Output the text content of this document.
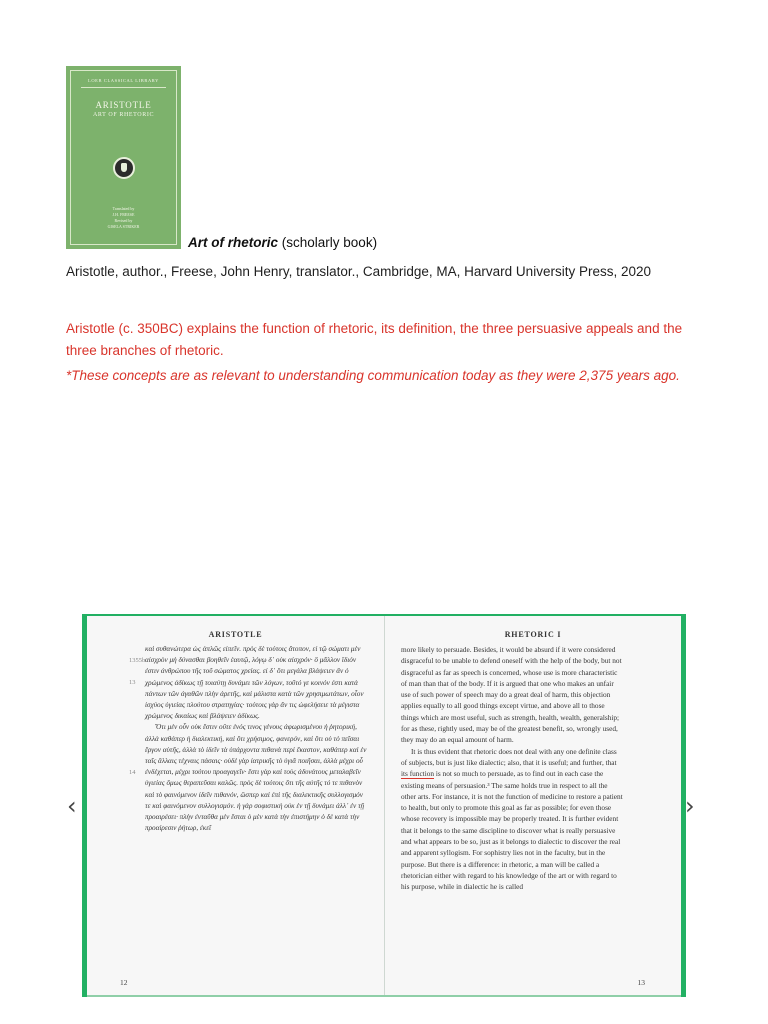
LOEB CLASSICAL LIBRARY
ARISTOTLE
ART OF RHETORIC
Translated by
J.H. FREESE
Revised by
GISELA STRIKER
Art of rhetoric (scholarly book)
Aristotle, author., Freese, John Henry, translator., Cambridge, MA, Harvard University Press, 2020
Aristotle (c. 350BC) explains the function of rhetoric, its definition, the three persuasive appeals and the three branches of rhetoric.
*These concepts are as relevant to understanding communication today as they were 2,375 years ago.
ARISTOTLE
1355b
13
14

καὶ συθανώτερα ὡς ἁπλῶς εἰπεῖν. πρὸς δὲ τούτοις ἄτοπον, εἰ τῷ σώματι μὲν αἰσχρὸν μὴ δύνασθαι βοηθεῖν ἑαυτῷ, λόγῳ δ᾽ οὐκ αἰσχρόν· ὃ μᾶλλον ἴδιόν ἐστιν ἀνθρώπου τῆς τοῦ σώματος χρείας. εἰ δ᾽ ὅτι μεγάλα βλάψειεν ἂν ὁ χρώμενος ἀδίκως τῇ τοιαύτῃ δυνάμει τῶν λόγων, τοῦτό γε κοινόν ἐστι κατὰ πάντων τῶν ἀγαθῶν πλὴν ἀρετῆς, καὶ μάλιστα κατὰ τῶν χρησιμωτάτων, οἷον ἰσχύος ὑγιείας πλούτου στρατηγίας· τούτοις γὰρ ἄν τις ὠφελήσειε τὰ μέγιστα χρώμενος δικαίως καὶ βλάψειεν ἀδίκως.

Ὅτι μὲν οὖν οὐκ ἔστιν οὔτε ἑνός τινος γένους ἀφωρισμένου ἡ ῥητορική, ἀλλὰ καθάπερ ἡ διαλεκτική, καὶ ὅτι χρήσιμος, φανερόν, καὶ ὅτι οὐ τὸ πεῖσαι ἔργον αὐτῆς, ἀλλὰ τὸ ἰδεῖν τὰ ὑπάρχοντα πιθανὰ περὶ ἕκαστον, καθάπερ καὶ ἐν ταῖς ἄλλαις τέχναις πάσαις· οὐδὲ γὰρ ἰατρικῆς τὸ ὑγιᾶ ποιῆσαι, ἀλλὰ μέχρι οὗ ἐνδέχεται, μέχρι τούτου προαγαγεῖν· ἔστι γὰρ καὶ τοὺς ἀδυνάτους μεταλαβεῖν ὑγιείας ὅμως θεραπεῦσαι καλῶς. πρὸς δὲ τούτοις ὅτι τῆς αὐτῆς τό τε πιθανὸν καὶ τὸ φαινόμενον ἰδεῖν πιθανόν, ὥσπερ καὶ ἐπὶ τῆς διαλεκτικῆς συλλογισμόν τε καὶ φαινόμενον συλλογισμόν. ἡ γὰρ σοφιστικὴ οὐκ ἐν τῇ δυνάμει ἀλλ᾽ ἐν τῇ προαιρέσει· πλὴν ἐνταῦθα μὲν ἔσται ὁ μὲν κατὰ τὴν ἐπιστήμην ὁ δὲ κατὰ τὴν προαίρεσιν ῥήτωρ, ἐκεῖ

12
RHETORIC I

more likely to persuade. Besides, it would be absurd if it were considered disgraceful to be unable to defend oneself with the help of the body, but not disgraceful as far as speech is concerned, whose use is more characteristic of man than that of the body. If it is argued that one who makes an unfair use of such power of speech may do a great deal of harm, this objection applies equally to all good things except virtue, and above all to those things which are most useful, such as strength, health, wealth, generalship; for as these, rightly used, may be of the greatest benefit, so, wrongly used, they may do an equal amount of harm.

It is thus evident that rhetoric does not deal with any one definite class of subjects, but is just like dialectic; also, that it is useful; and further, that its function is not so much to persuade, as to find out in each case the existing means of persuasion.³ The same holds true in respect to all the other arts. For instance, it is not the function of medicine to restore a patient to health, but only to promote this goal as far as possible; for even those whose recovery is impossible may be properly treated. It is further evident that it belongs to the same discipline to discover what is really persuasive and what appears to be so, just as it belongs to dialectic to discover the real and apparent syllogism. For sophistry lies not in the faculty, but in the purpose. But there is a difference: in rhetoric, a man will be called a rhetorician either with regard to his knowledge of the art or with regard to his purpose, while in dialectic he is called

13
‹	›
